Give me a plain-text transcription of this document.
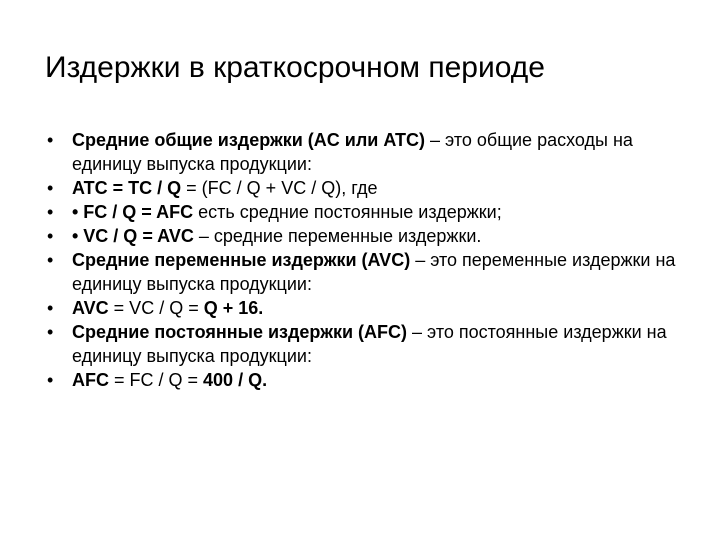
Издержки в краткосрочном периоде
• Средние общие издержки (AC или ATC) – это общие расходы на единицу выпуска продукции:
• ATC = TC / Q = (FC / Q + VC / Q), где
• • FC / Q = AFC есть средние постоянные издержки;
• • VC / Q = AVC – средние переменные издержки.
• Средние переменные издержки (AVC) – это переменные издержки на единицу выпуска продукции:
• AVC = VC / Q = Q + 16.
• Средние постоянные издержки (AFC) – это постоянные издержки на единицу выпуска продукции:
• AFC = FC / Q = 400 / Q.
